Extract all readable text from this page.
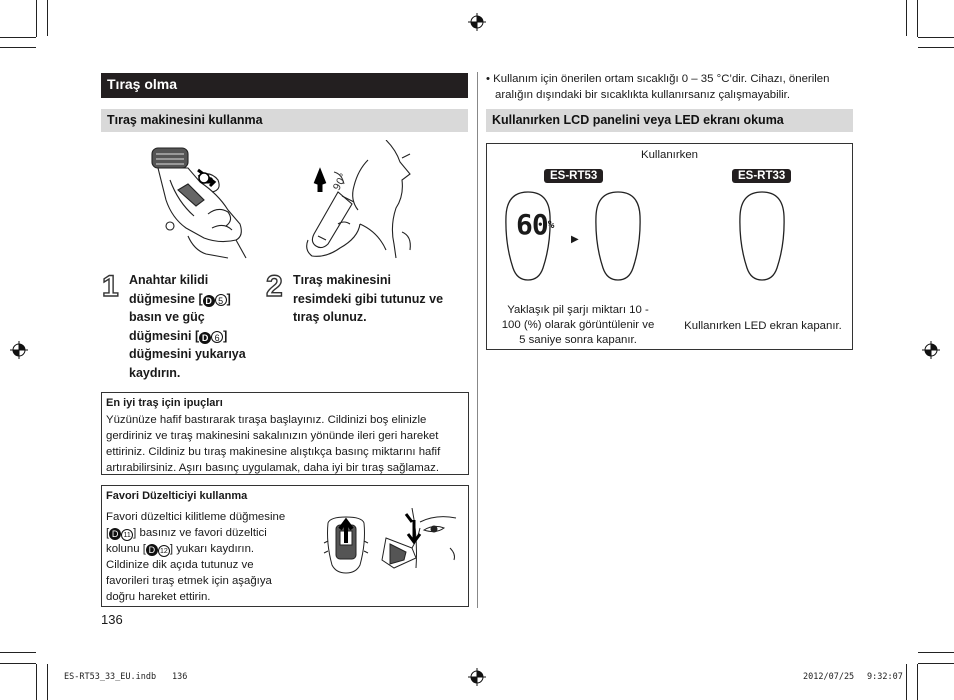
Tıraş olma
Tıraş makinesini kullanma
90°
1 Anahtar kilidi
düğmesine [ D 5 ]
basın ve güç
düğmesini [ D 6 ]
düğmesini yukarıya
kaydırın.
2 Tıraş makinesini
resimdeki gibi tutunuz ve
tıraş olunuz.
En iyi traş için ipuçları
Yüzünüze hafif bastırarak tıraşa başlayınız. Cildinizi boş elinizle
gerdiriniz ve tıraş makinesini sakalınızın yönünde ileri geri hareket
ettiriniz. Cildiniz bu tıraş makinesine alıştıkça basınç miktarını hafif
artırabilirsiniz. Aşırı basınç uygulamak, daha iyi bir tıraş sağlamaz.
Favori Düzelticiyi kullanma
Favori düzeltici kilitleme düğmesine
[ D 11 ] basınız ve favori düzeltici
kolunu [ D 12 ] yukarı kaydırın.
Cildinize dik açıda tutunuz ve
favorileri tıraş etmek için aşağıya
doğru hareket ettirin.
136
• Kullanım için önerilen ortam sıcaklığı 0 – 35 °C’dir. Cihazı, önerilen
aralığın dışındaki bir sıcaklıkta kullanırsanız çalışmayabilir.
Kullanırken LCD panelini veya LED ekranı okuma
Kullanırken
ES-RT53	ES-RT33
60%
▶
Yaklaşık pil şarjı miktarı 10 -
100 (%) olarak görüntülenir ve
5 saniye sonra kapanır.
Kullanırken LED ekran kapanır.
ES-RT53_33_EU.indb 136	2012/07/25 9:32:07
